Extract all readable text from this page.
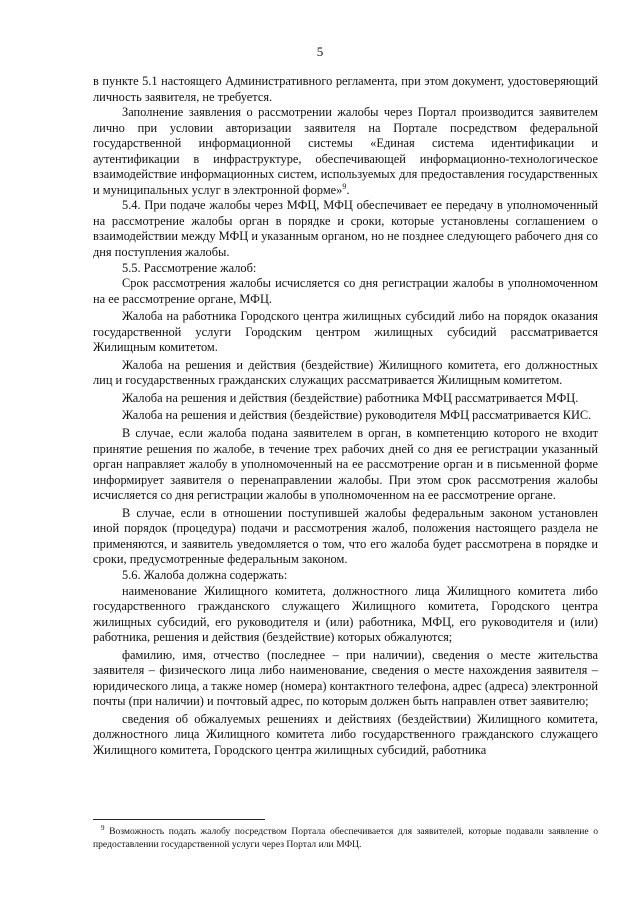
5

в пункте 5.1 настоящего Административного регламента, при этом документ, удостоверяющий личность заявителя, не требуется.

Заполнение заявления о рассмотрении жалобы через Портал производится заявителем лично при условии авторизации заявителя на Портале посредством федеральной государственной информационной системы «Единая система идентификации и аутентификации в инфраструктуре, обеспечивающей информационно-технологическое взаимодействие информационных систем, используемых для предоставления государственных и муниципальных услуг в электронной форме»$^9$.

5.4. При подаче жалобы через МФЦ, МФЦ обеспечивает ее передачу в уполномоченный на рассмотрение жалобы орган в порядке и сроки, которые установлены соглашением о взаимодействии между МФЦ и указанным органом, но не позднее следующего рабочего дня со дня поступления жалобы.

5.5. Рассмотрение жалоб:

Срок рассмотрения жалобы исчисляется со дня регистрации жалобы в уполномоченном на ее рассмотрение органе, МФЦ.

Жалоба на работника Городского центра жилищных субсидий либо на порядок оказания государственной услуги Городским центром жилищных субсидий рассматривается Жилищным комитетом.

Жалоба на решения и действия (бездействие) Жилищного комитета, его должностных лиц и государственных гражданских служащих рассматривается Жилищным комитетом.

Жалоба на решения и действия (бездействие) работника МФЦ рассматривается МФЦ.

Жалоба на решения и действия (бездействие) руководителя МФЦ рассматривается КИС.

В случае, если жалоба подана заявителем в орган, в компетенцию которого не входит принятие решения по жалобе, в течение трех рабочих дней со дня ее регистрации указанный орган направляет жалобу в уполномоченный на ее рассмотрение орган и в письменной форме информирует заявителя о перенаправлении жалобы. При этом срок рассмотрения жалобы исчисляется со дня регистрации жалобы в уполномоченном на ее рассмотрение органе.

В случае, если в отношении поступившей жалобы федеральным законом установлен иной порядок (процедура) подачи и рассмотрения жалоб, положения настоящего раздела не применяются, и заявитель уведомляется о том, что его жалоба будет рассмотрена в порядке и сроки, предусмотренные федеральным законом.

5.6. Жалоба должна содержать:

наименование Жилищного комитета, должностного лица Жилищного комитета либо государственного гражданского служащего Жилищного комитета, Городского центра жилищных субсидий, его руководителя и (или) работника, МФЦ, его руководителя и (или) работника, решения и действия (бездействие) которых обжалуются;

фамилию, имя, отчество (последнее – при наличии), сведения о месте жительства заявителя – физического лица либо наименование, сведения о месте нахождения заявителя – юридического лица, а также номер (номера) контактного телефона, адрес (адреса) электронной почты (при наличии) и почтовый адрес, по которым должен быть направлен ответ заявителю;

сведения об обжалуемых решениях и действиях (бездействии) Жилищного комитета, должностного лица Жилищного комитета либо государственного гражданского служащего Жилищного комитета, Городского центра жилищных субсидий, работника

$^9$ Возможность подать жалобу посредством Портала обеспечивается для заявителей, которые подавали заявление о предоставлении государственной услуги через Портал или МФЦ.
